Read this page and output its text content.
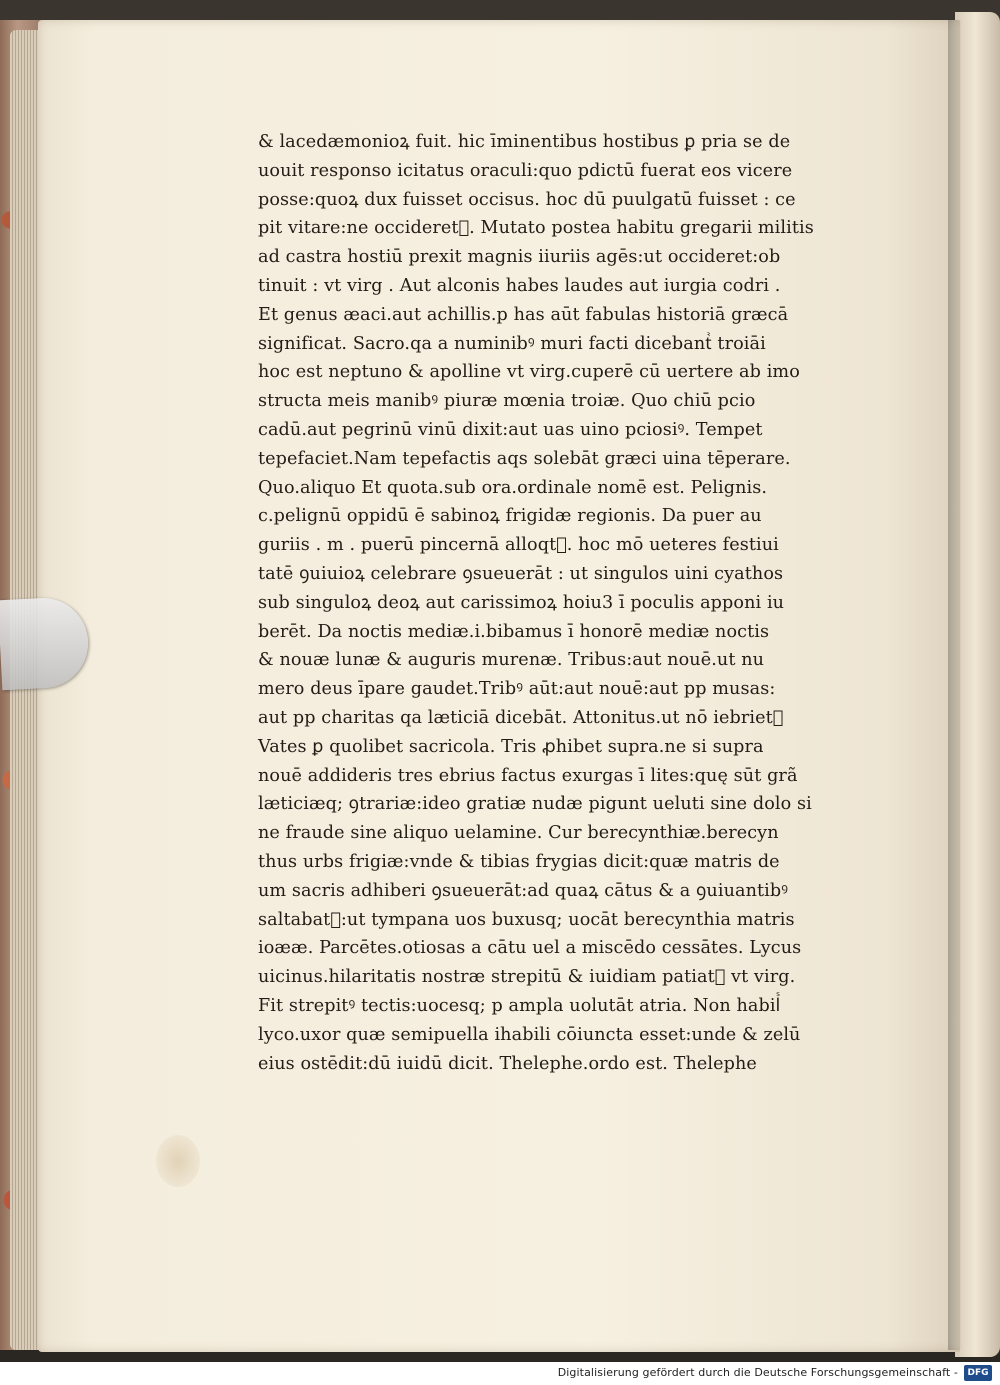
& lacedæmonioꝝ fuit. hic īminentibus hostibus ꝑ pria se de
uouit responso icitatus oraculi:quo pdictū fuerat eos vicere
posse:quoꝝ dux fuisset occisus. hoc dū puulgatū fuisset : ce
pit vitare:ne occideretᷣ. Mutato postea habitu gregarii militis
ad castra hostiū prexit magnis iiuriis agēs:ut occideret:ob
tinuit : vt virg . Aut alconis habes laudes aut iurgia codri .
Et genus æaci.aut achillis.p has aūt fabulas historiā græcā
significat. Sacro.qa a numinibꝰ muri facti dicebantᷣ troiāi
hoc est neptuno & apolline vt virg.cuperē cū uertere ab imo
structa meis manibꝰ piuræ mœnia troiæ. Quo chiū pcio
cadū.aut pegrinū vinū dixit:aut uas uino pciosiꝰ. Tempet
tepefaciet.Nam tepefactis aqs solebāt græci uina tēperare.
Quo.aliquo Et quota.sub ora.ordinale nomē est. Pelignis.
c.pelignū oppidū ē sabinoꝝ frigidæ regionis. Da puer au
guriis . m . puerū pincernā alloqtᷣ. hoc mō ueteres festiui
tatē ꝯuiuioꝝ celebrare ꝯsueuerāt : ut singulos uini cyathos
sub singuloꝝ deoꝝ aut carissimoꝝ hoiu3 ī poculis apponi iu
berēt. Da noctis mediæ.i.bibamus ī honorē mediæ noctis
& nouæ lunæ & auguris murenæ. Tribus:aut nouē.ut nu
mero deus īpare gaudet.Tribꝰ aūt:aut nouē:aut pp musas:
aut pp charitas qa læticiā dicebāt. Attonitus.ut nō iebrietᷣ
Vates ꝑ quolibet sacricola. Tris ꝓhibet supra.ne si supra
nouē addideris tres ebrius factus exurgas ī lites:quę sūt grã
læticiæq; ꝯtrariæ:ideo gratiæ nudæ pigunt ueluti sine dolo si
ne fraude sine aliquo uelamine. Cur berecynthiæ.berecyn
thus urbs frigiæ:vnde & tibias frygias dicit:quæ matris de
um sacris adhiberi ꝯsueuerāt:ad quaꝝ cātus & a ꝯuiuantibꝰ
saltabatᷣ:ut tympana uos buxusq; uocāt berecynthia matris
ioææ. Parcētes.otiosas a cātu uel a miscēdo cessātes. Lycus
uicinus.hilaritatis nostræ strepitū & iuidiam patiatᷣ vt virg.
Fit strepitꝰ tectis:uocesq; p ampla uolutāt atria. Non habilᷤ
lyco.uxor quæ semipuella ihabili cōiuncta esset:unde & zelū
eius ostēdit:dū iuidū dicit. Thelephe.ordo est. Thelephe
Digitalisierung gefördert durch die Deutsche Forschungsgemeinschaft -	DFG
